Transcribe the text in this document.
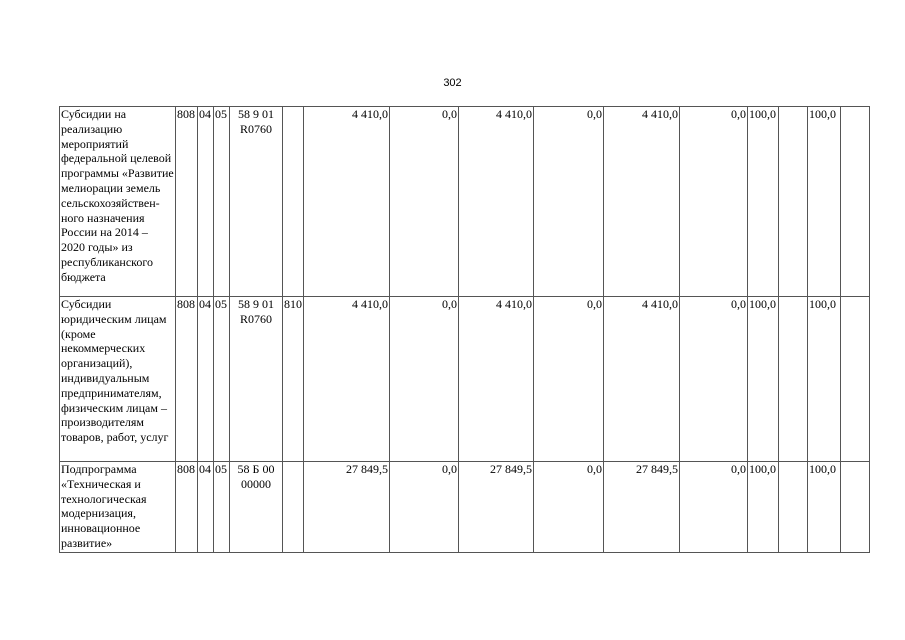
302
Субсидии на реализацию мероприятий федеральной целевой программы «Развитие мелиорации земель сельскохозяйствен-ного назначения России на 2014 – 2020 годы» из республиканского бюджета	808	04	05	58 9 01 R0760		4 410,0	0,0	4 410,0	0,0	4 410,0	0,0	100,0		100,0	
Субсидии юридическим лицам (кроме некоммерческих организаций), индивидуальным предпринимателям, физическим лицам – производителям товаров, работ, услуг	808	04	05	58 9 01 R0760	810	4 410,0	0,0	4 410,0	0,0	4 410,0	0,0	100,0		100,0	
Подпрограмма «Техническая и технологическая модернизация, инновационное развитие»	808	04	05	58 Б 00 00000		27 849,5	0,0	27 849,5	0,0	27 849,5	0,0	100,0		100,0	
